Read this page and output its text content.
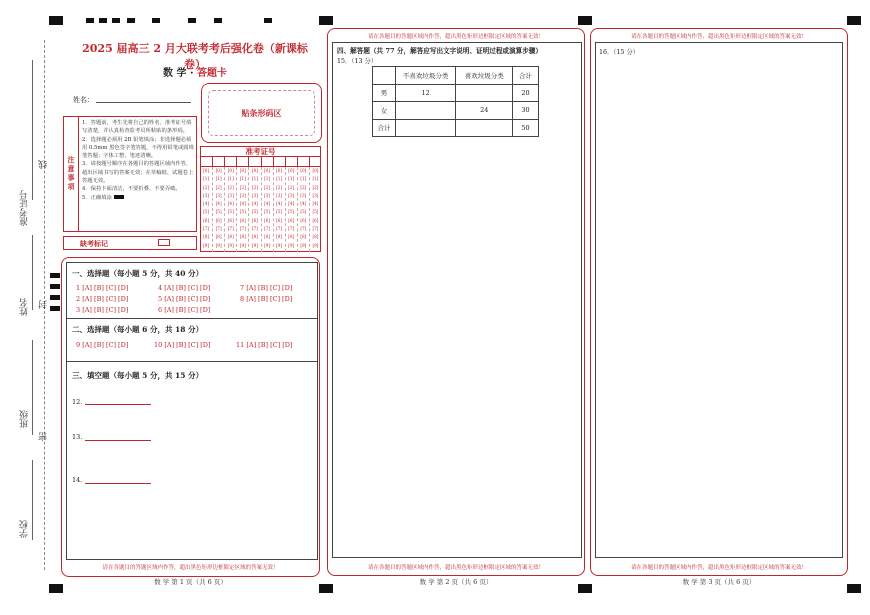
准考证号
线
姓名 封
班级
密
学校
2025 届高三 2 月大联考考后强化卷（新课标卷）
数 学 · 答题卡
姓名：
贴条形码区
注意事项
1．答题前，考生先将自己的姓名、准考证号填写清楚，并认真检查监考员所粘贴的条形码。
2．选择题必须用 2B 铅笔填涂；非选择题必须用 0.5mm 黑色签字笔答题，不得用铅笔或圆珠笔答题；字体工整、笔迹清晰。
3．请按题号顺序在各题目的答题区域内作答，超出区域书写的答案无效；在草稿纸、试题卷上答题无效。
4．保持卡面清洁，不要折叠、不要弄破。
5．正确填涂
准考证号
[0]
[1]
[2]
[3]
[4]
[5]
[6]
[7]
[8]
[9]
[0]
[1]
[2]
[3]
[4]
[5]
[6]
[7]
[8]
[9]
[0]
[1]
[2]
[3]
[4]
[5]
[6]
[7]
[8]
[9]
[0]
[1]
[2]
[3]
[4]
[5]
[6]
[7]
[8]
[9]
[0]
[1]
[2]
[3]
[4]
[5]
[6]
[7]
[8]
[9]
[0]
[1]
[2]
[3]
[4]
[5]
[6]
[7]
[8]
[9]
[0]
[1]
[2]
[3]
[4]
[5]
[6]
[7]
[8]
[9]
[0]
[1]
[2]
[3]
[4]
[5]
[6]
[7]
[8]
[9]
[0]
[1]
[2]
[3]
[4]
[5]
[6]
[7]
[8]
[9]
[0]
[1]
[2]
[3]
[4]
[5]
[6]
[7]
[8]
[9]
缺考标记
一、选择题（每小题 5 分，共 40 分）
1 [A] [B] [C] [D]	4 [A] [B] [C] [D]	7 [A] [B] [C] [D]
2 [A] [B] [C] [D]	5 [A] [B] [C] [D]	8 [A] [B] [C] [D]
3 [A] [B] [C] [D]	6 [A] [B] [C] [D]
二、选择题（每小题 6 分，共 18 分）
9 [A] [B] [C] [D]	10 [A] [B] [C] [D]	11 [A] [B] [C] [D]
三、填空题（每小题 5 分，共 15 分）
12.
13.
14.
请在各题目的答题区域内作答，超出黑色矩形边框限定区域的答案无效！
数 学 第 1 页（共 6 页）
请在各题目的答题区域内作答，超出黑色矩形边框限定区域的答案无效！
四、解答题（共 77 分，解答应写出文字说明、证明过程或演算步骤）
15．（13 分）
	不喜欢垃圾分类	喜欢垃圾分类	合计
男	12		20
女		24	30
合计			50
请在各题目的答题区域内作答，超出黑色矩形边框限定区域的答案无效！
数 学 第 2 页（共 6 页）
请在各题目的答题区域内作答，超出黑色矩形边框限定区域的答案无效！
16．（15 分）
请在各题目的答题区域内作答，超出黑色矩形边框限定区域的答案无效！
数 学 第 3 页（共 6 页）
